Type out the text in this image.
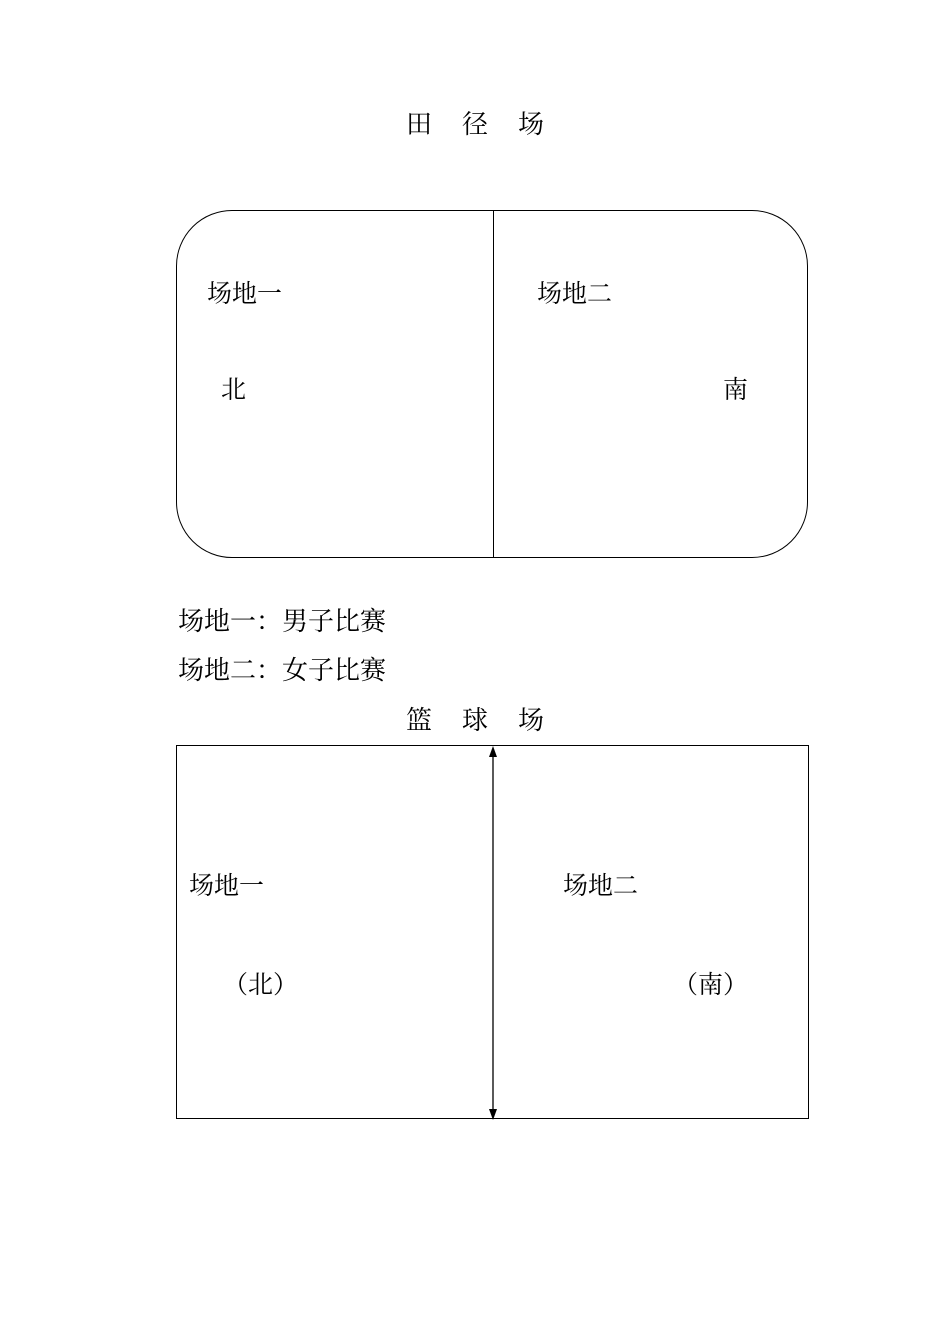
田径场
场地一	场地二
北	南
场地一：男子比赛
场地二：女子比赛
篮球场
场地一	场地二
（北）	（南）
